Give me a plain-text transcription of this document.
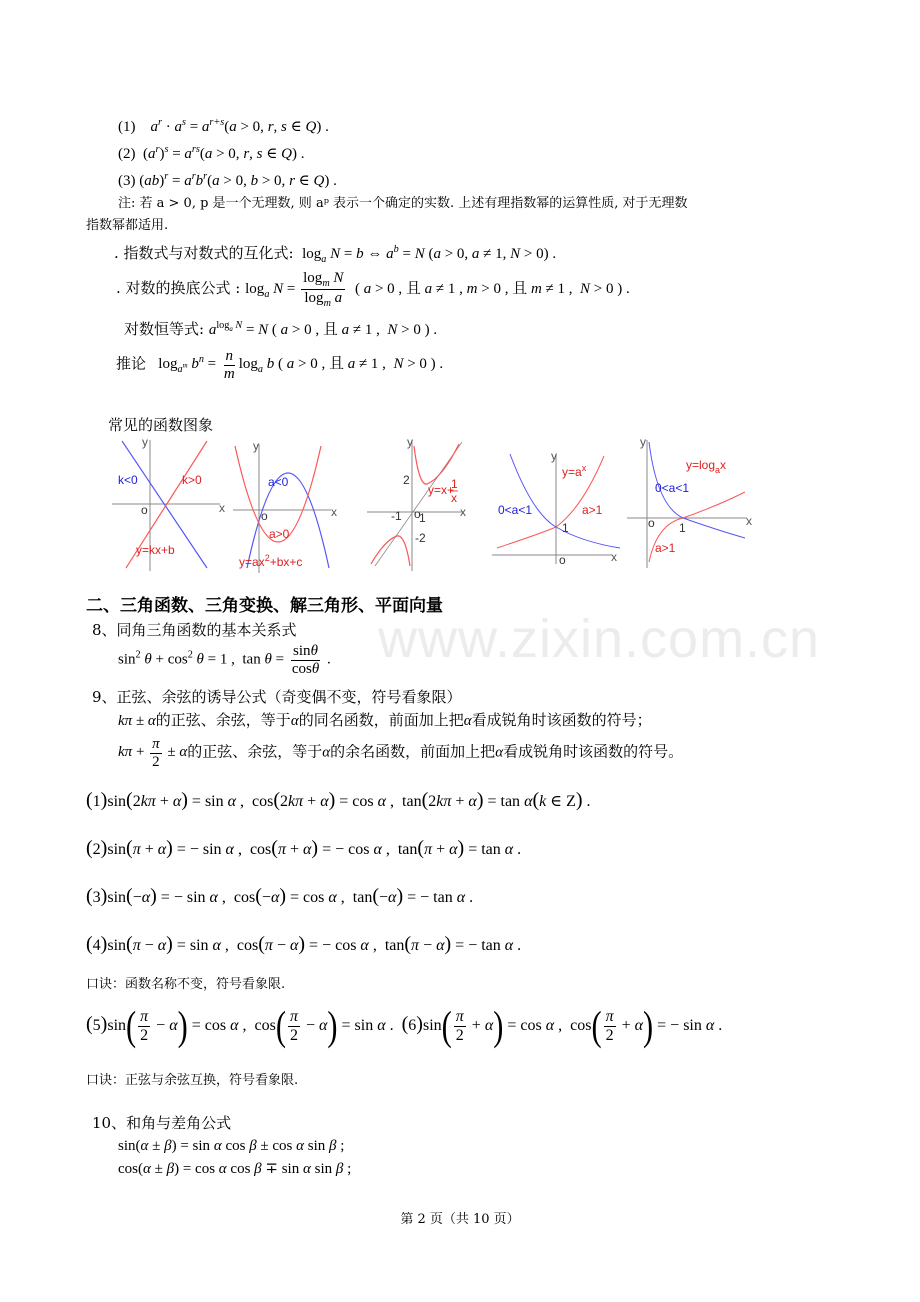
www.zixin.com.cn
(1) $a^r \cdot a^s = a^{r+s}(a > 0$, r, s ∈ Q) .
(2)  $(a^r)^s = a^{rs}(a > 0$, r, s ∈ Q) .
(3) $(ab)^r = a^rb^r(a > 0$, b > 0, r ∈ Q) .
注: 若 a > 0, p 是一个无理数, 则 aᵖ 表示一个确定的实数. 上述有理指数幂的运算性质, 对于无理数
指数幂都适用.
. 指数式与对数式的互化式:  $\log_a N = b$ ⇔ $a^b = N$ (a > 0, a ≠ 1, N > 0) .
. 对数的换底公式 : $\log_a N = \frac{\log_m N}{\log_m a}$ ( a > 0 , 且 a ≠ 1 , m > 0 , 且 m ≠ 1 ,  N > 0 ) .
对数恒等式: $a^{log_a N} = N$ ( a > 0 , 且 a ≠ 1 ,  N > 0 ) .
推论   $\log_{a^m} b^n = \frac{n}{m} \log_a b$ ( a > 0 , 且 a ≠ 1 ,  N > 0 ) .
常见的函数图象
y
x
o
k<0	k>0
y=kx+b
y
x
o
a<0
a>0
$y=ax^2+bx+c$
y
x
2
-1 o
1
-2
y=x+
1
x
y
x
o
$y=a^x$
0<a<1	a>1
1
y
x
o
$y=\log_ax$
0<a<1
a>1
1
二、三角函数、三角变换、解三角形、平面向量
8、同角三角函数的基本关系式
$\sin^2 \theta + \cos^2 \theta = 1$ ,  $\tan \theta = \frac{\sin\theta}{\cos\theta}$ .
9、正弦、余弦的诱导公式（奇变偶不变，符号看象限）
kπ ± α的正弦、余弦，等于α的同名函数，前面加上把α看成锐角时该函数的符号；
$k\pi + \frac{\pi}{2} \pm \alpha$的正弦、余弦，等于α的余名函数，前面加上把α看成锐角时该函数的符号。
(1)sin(2kπ + α) = sin α ,  cos(2kπ + α) = cos α ,  tan(2kπ + α) = tan α(k ∈ Z) .
(2)sin(π + α) = − sin α ,  cos(π + α) = − cos α ,  tan(π + α) = tan α .
(3)sin(−α) = − sin α ,  cos(−α) = cos α ,  tan(−α) = − tan α .
(4)sin(π − α) = sin α ,  cos(π − α) = − cos α ,  tan(π − α) = − tan α .
口诀：函数名称不变，符号看象限.
$(5)\sin( \frac{\pi}{2} - \alpha) = \cos \alpha$ ,  $\cos( \frac{\pi}{2} - \alpha) = \sin \alpha$ .  $(6)\sin( \frac{\pi}{2} + \alpha) = \cos \alpha$ ,  $\cos( \frac{\pi}{2} + \alpha)$ = − sin α .
口诀：正弦与余弦互换，符号看象限.
10、和角与差角公式
sin(α ± β) = sin α cos β ± cos α sin β ;
cos(α ± β) = cos α cos β ∓ sin α sin β ;
第 2 页（共 10 页）
